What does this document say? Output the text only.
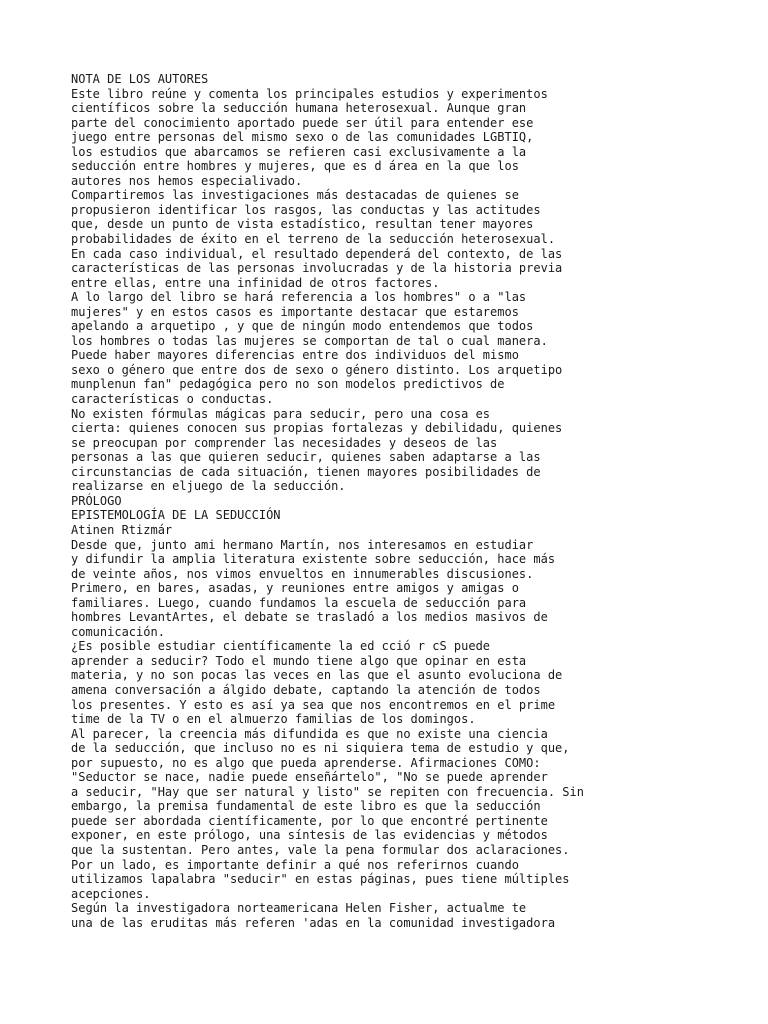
NOTA DE LOS AUTORES
Este libro reúne y comenta los principales estudios y experimentos
científicos sobre la seducción humana heterosexual. Aunque gran
parte del conocimiento aportado puede ser útil para entender ese
juego entre personas del mismo sexo o de las comunidades LGBTIQ,
los estudios que abarcamos se refieren casi exclusivamente a la
seducción entre hombres y mujeres, que es d área en la que los
autores nos hemos especialivado.
Compartiremos las investigaciones más destacadas de quienes se
propusieron identificar los rasgos, las conductas y las actitudes
que, desde un punto de vista estadístico, resultan tener mayores
probabilidades de éxito en el terreno de la seducción heterosexual.
En cada caso individual, el resultado dependerá del contexto, de las
características de las personas involucradas y de la historia previa
entre ellas, entre una infinidad de otros factores.
A lo largo del libro se hará referencia a los hombres" o a "las
mujeres" y en estos casos es importante destacar que estaremos
apelando a arquetipo , y que de ningún modo entendemos que todos
los hombres o todas las mujeres se comportan de tal o cual manera.
Puede haber mayores diferencias entre dos individuos del mismo
sexo o género que entre dos de sexo o género distinto. Los arquetipo
munplenun fan" pedagógica pero no son modelos predictivos de
características o conductas.
No existen fórmulas mágicas para seducir, pero una cosa es
cierta: quienes conocen sus propias fortalezas y debilidadu, quienes
se preocupan por comprender las necesidades y deseos de las
personas a las que quieren seducir, quienes saben adaptarse a las
circunstancias de cada situación, tienen mayores posibilidades de
realizarse en eljuego de la seducción.
PRÓLOGO
EPISTEMOLOGÍA DE LA SEDUCCIÓN
Atinen Rtizmár
Desde que, junto ami hermano Martín, nos interesamos en estudiar
y difundir la amplia literatura existente sobre seducción, hace más
de veinte años, nos vimos envueltos en innumerables discusiones.
Primero, en bares, asadas, y reuniones entre amigos y amigas o
familiares. Luego, cuando fundamos la escuela de seducción para
hombres LevantArtes, el debate se trasladó a los medios masivos de
comunicación.
¿Es posible estudiar científicamente la ed cció r cS puede
aprender a seducir? Todo el mundo tiene algo que opinar en esta
materia, y no son pocas las veces en las que el asunto evoluciona de
amena conversación a álgido debate, captando la atención de todos
los presentes. Y esto es así ya sea que nos encontremos en el prime
time de la TV o en el almuerzo familias de los domingos.
Al parecer, la creencia más difundida es que no existe una ciencia
de la seducción, que incluso no es ni siquiera tema de estudio y que,
por supuesto, no es algo que pueda aprenderse. Afirmaciones COMO:
"Seductor se nace, nadie puede enseñártelo", "No se puede aprender
a seducir, "Hay que ser natural y listo" se repiten con frecuencia. Sin
embargo, la premisa fundamental de este libro es que la seducción
puede ser abordada científicamente, por lo que encontré pertinente
exponer, en este prólogo, una síntesis de las evidencias y métodos
que la sustentan. Pero antes, vale la pena formular dos aclaraciones.
Por un lado, es importante definir a qué nos referirnos cuando
utilizamos lapalabra "seducir" en estas páginas, pues tiene múltiples
acepciones.
Según la investigadora norteamericana Helen Fisher, actualme te
una de las eruditas más referen 'adas en la comunidad investigadora
